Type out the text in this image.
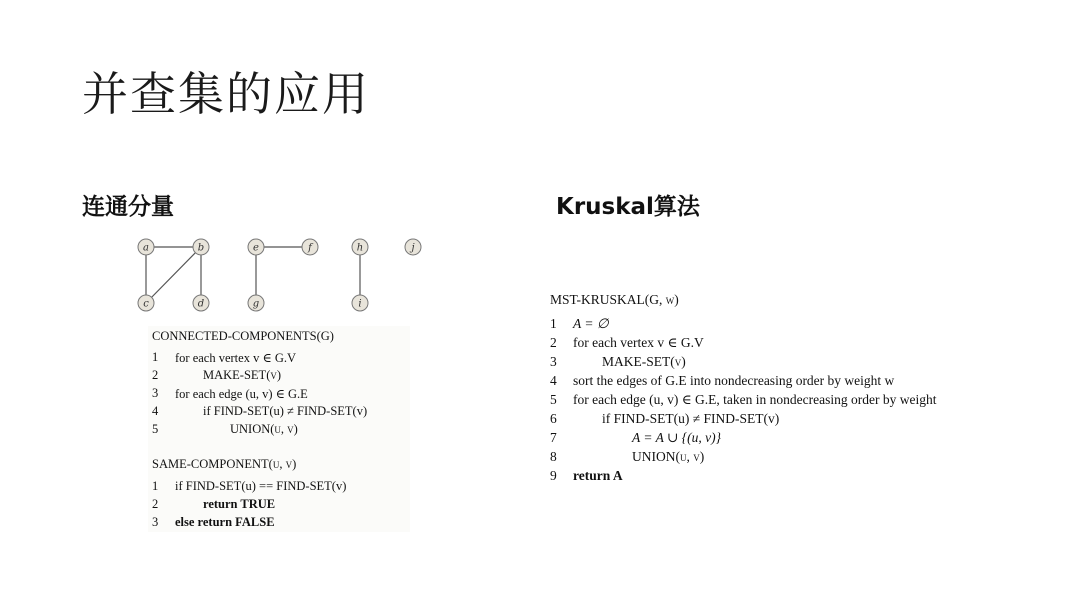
并查集的应用
连通分量	Kruskal算法
a	b	e	f	h	j
c	d	g	i
CONNECTED-COMPONENTS(G)
1 for each vertex v ∈ G.V
2	MAKE-SET(v)
3 for each edge (u, v) ∈ G.E
4	if FIND-SET(u) ≠ FIND-SET(v)
5	UNION(u, v)
SAME-COMPONENT(u, v)
1 if FIND-SET(u) == FIND-SET(v)
2	return TRUE
3 else return FALSE
MST-KRUSKAL(G, w)
1 A = ∅
2 for each vertex v ∈ G.V
3	MAKE-SET(v)
4 sort the edges of G.E into nondecreasing order by weight w
5 for each edge (u, v) ∈ G.E, taken in nondecreasing order by weight
6	if FIND-SET(u) ≠ FIND-SET(v)
7	A = A ∪ {(u, v)}
8	UNION(u, v)
9 return A
